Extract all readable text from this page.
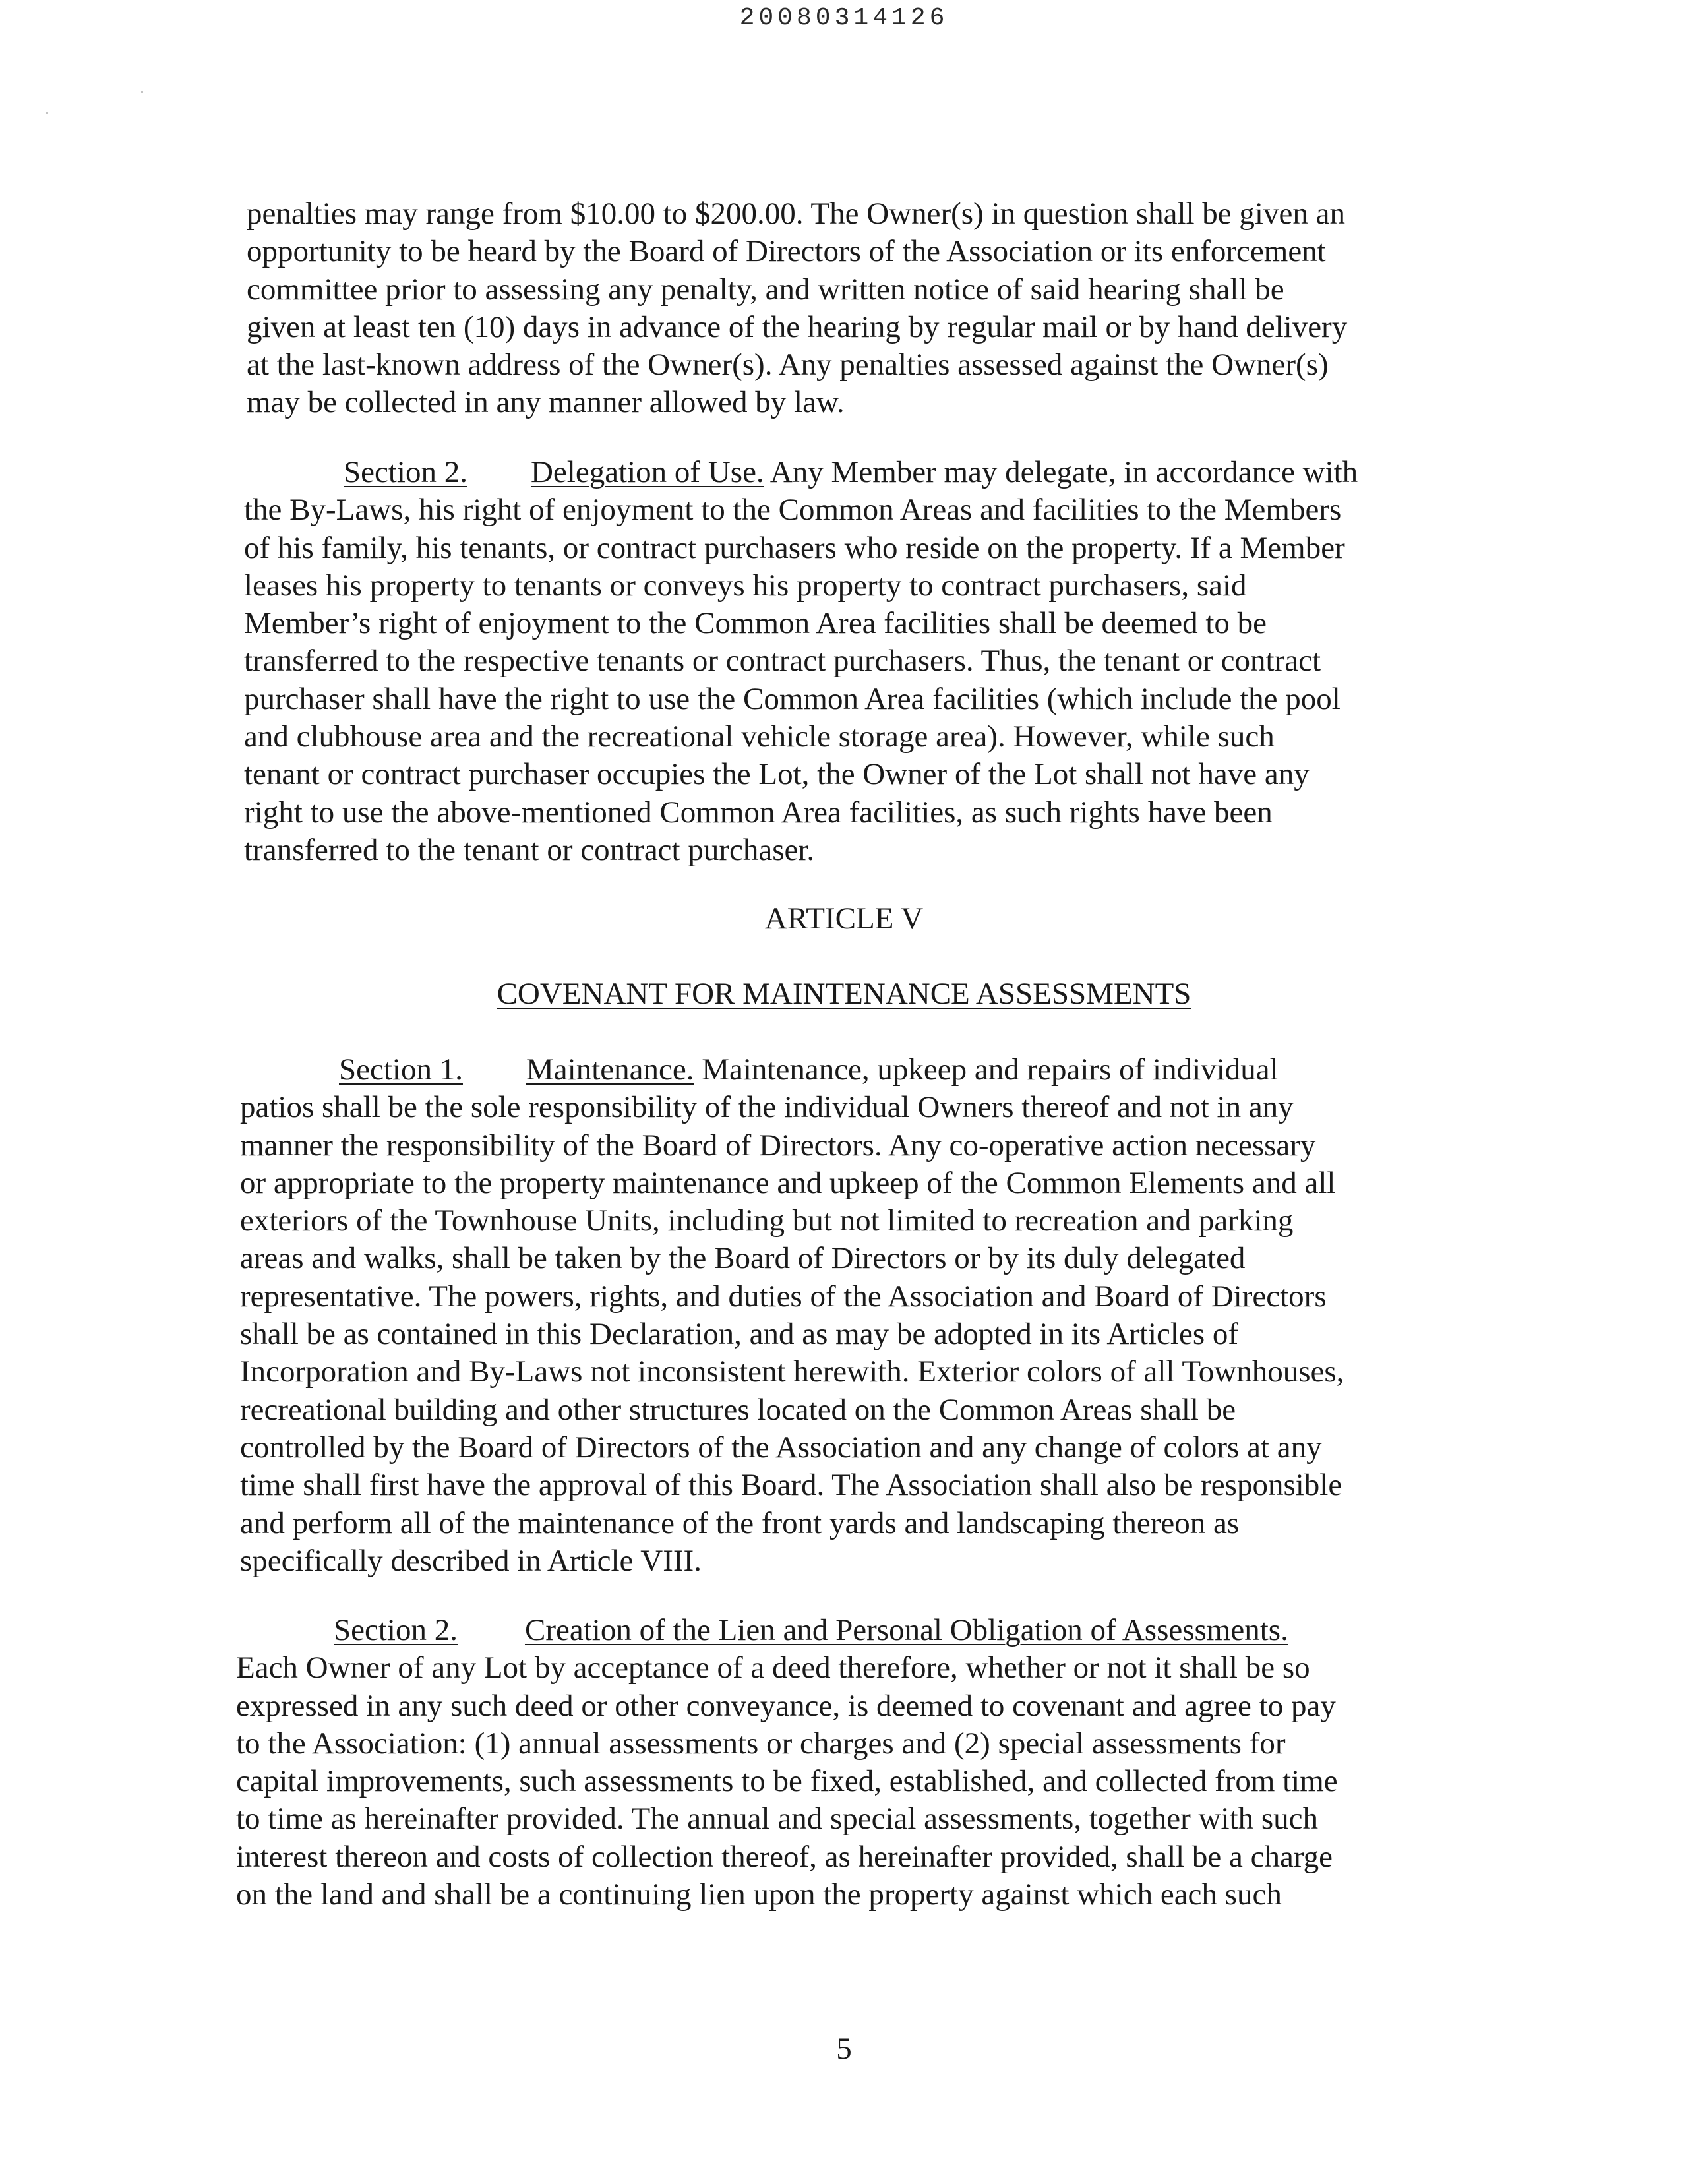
20080314126
penalties may range from $10.00 to $200.00. The Owner(s) in question shall be given an
opportunity to be heard by the Board of Directors of the Association or its enforcement
committee prior to assessing any penalty, and written notice of said hearing shall be
given at least ten (10) days in advance of the hearing by regular mail or by hand delivery
at the last-known address of the Owner(s). Any penalties assessed against the Owner(s)
may be collected in any manner allowed by law.
Section 2. Delegation of Use. Any Member may delegate, in accordance with
the By-Laws, his right of enjoyment to the Common Areas and facilities to the Members
of his family, his tenants, or contract purchasers who reside on the property. If a Member
leases his property to tenants or conveys his property to contract purchasers, said
Member’s right of enjoyment to the Common Area facilities shall be deemed to be
transferred to the respective tenants or contract purchasers. Thus, the tenant or contract
purchaser shall have the right to use the Common Area facilities (which include the pool
and clubhouse area and the recreational vehicle storage area). However, while such
tenant or contract purchaser occupies the Lot, the Owner of the Lot shall not have any
right to use the above-mentioned Common Area facilities, as such rights have been
transferred to the tenant or contract purchaser.
ARTICLE V
COVENANT FOR MAINTENANCE ASSESSMENTS
Section 1. Maintenance. Maintenance, upkeep and repairs of individual
patios shall be the sole responsibility of the individual Owners thereof and not in any
manner the responsibility of the Board of Directors. Any co-operative action necessary
or appropriate to the property maintenance and upkeep of the Common Elements and all
exteriors of the Townhouse Units, including but not limited to recreation and parking
areas and walks, shall be taken by the Board of Directors or by its duly delegated
representative. The powers, rights, and duties of the Association and Board of Directors
shall be as contained in this Declaration, and as may be adopted in its Articles of
Incorporation and By-Laws not inconsistent herewith. Exterior colors of all Townhouses,
recreational building and other structures located on the Common Areas shall be
controlled by the Board of Directors of the Association and any change of colors at any
time shall first have the approval of this Board. The Association shall also be responsible
and perform all of the maintenance of the front yards and landscaping thereon as
specifically described in Article VIII.
Section 2. Creation of the Lien and Personal Obligation of Assessments.
Each Owner of any Lot by acceptance of a deed therefore, whether or not it shall be so
expressed in any such deed or other conveyance, is deemed to covenant and agree to pay
to the Association: (1) annual assessments or charges and (2) special assessments for
capital improvements, such assessments to be fixed, established, and collected from time
to time as hereinafter provided. The annual and special assessments, together with such
interest thereon and costs of collection thereof, as hereinafter provided, shall be a charge
on the land and shall be a continuing lien upon the property against which each such
5
